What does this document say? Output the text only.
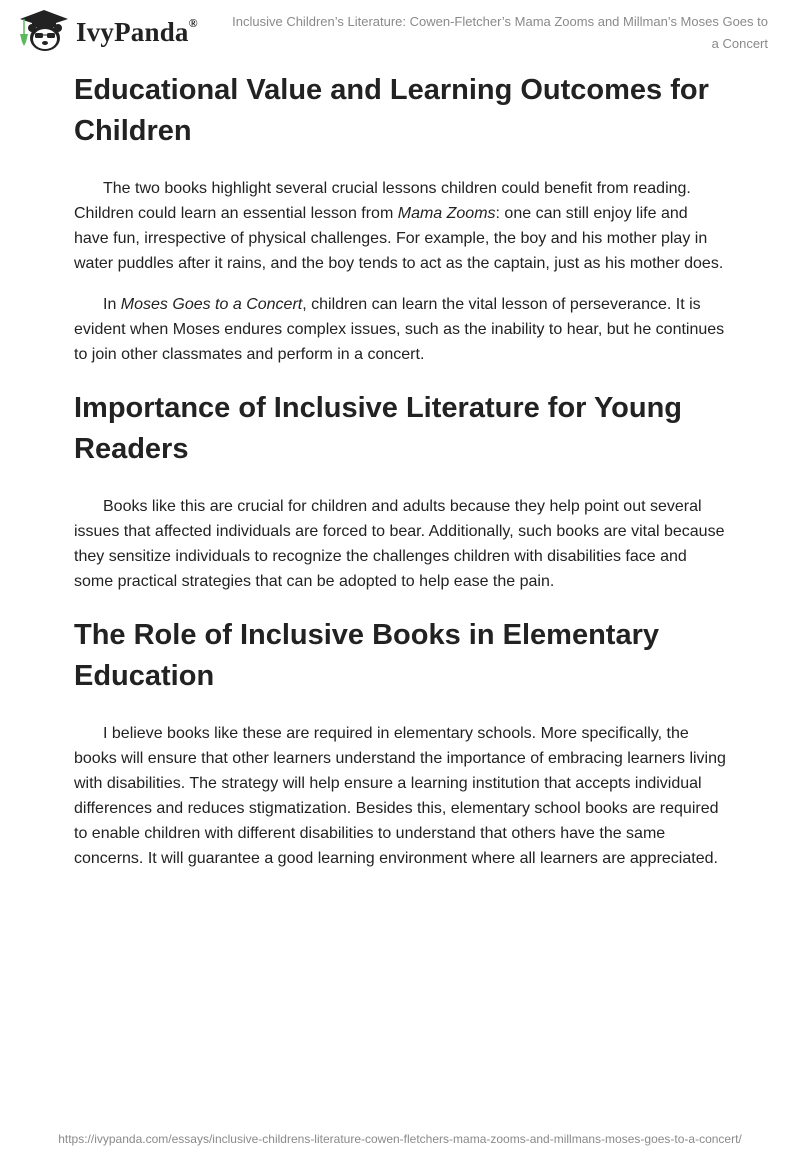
IvyPanda®	Inclusive Children’s Literature: Cowen-Fletcher’s Mama Zooms and Millman’s Moses Goes to a Concert
Educational Value and Learning Outcomes for Children

The two books highlight several crucial lessons children could benefit from reading. Children could learn an essential lesson from Mama Zooms: one can still enjoy life and have fun, irrespective of physical challenges. For example, the boy and his mother play in water puddles after it rains, and the boy tends to act as the captain, just as his mother does.

In Moses Goes to a Concert, children can learn the vital lesson of perseverance. It is evident when Moses endures complex issues, such as the inability to hear, but he continues to join other classmates and perform in a concert.

Importance of Inclusive Literature for Young Readers

Books like this are crucial for children and adults because they help point out several issues that affected individuals are forced to bear. Additionally, such books are vital because they sensitize individuals to recognize the challenges children with disabilities face and some practical strategies that can be adopted to help ease the pain.

The Role of Inclusive Books in Elementary Education

I believe books like these are required in elementary schools. More specifically, the books will ensure that other learners understand the importance of embracing learners living with disabilities. The strategy will help ensure a learning institution that accepts individual differences and reduces stigmatization. Besides this, elementary school books are required to enable children with different disabilities to understand that others have the same concerns. It will guarantee a good learning environment where all learners are appreciated.

https://ivypanda.com/essays/inclusive-childrens-literature-cowen-fletchers-mama-zooms-and-millmans-moses-goes-to-a-concert/
